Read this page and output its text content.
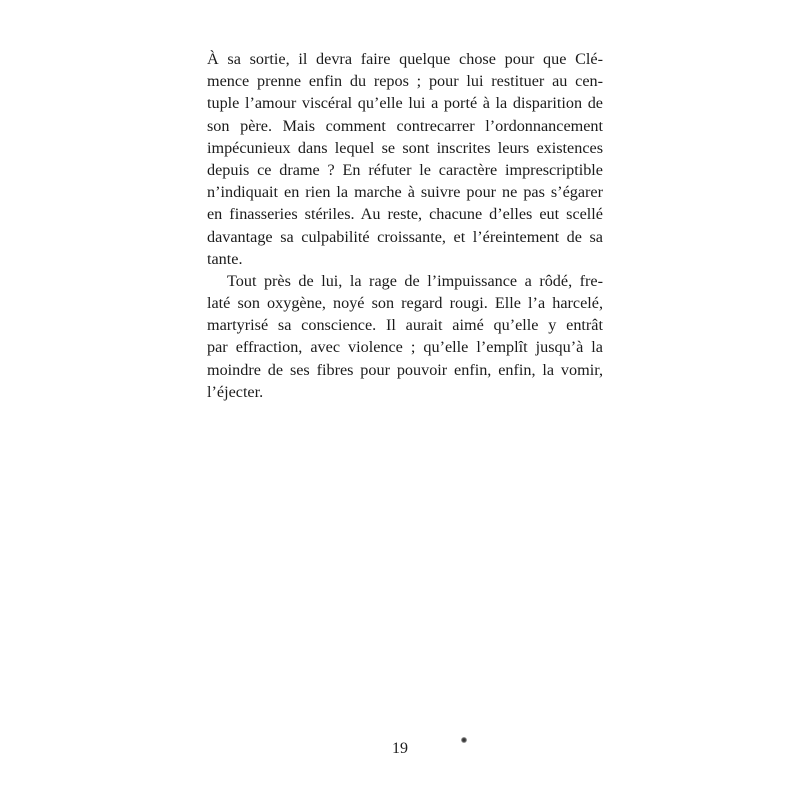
À sa sortie, il devra faire quelque chose pour que Clé-
mence prenne enfin du repos ; pour lui restituer au cen-
tuple l’amour viscéral qu’elle lui a porté à la disparition de
son père. Mais comment contrecarrer l’ordonnancement
impécunieux dans lequel se sont inscrites leurs existences
depuis ce drame ? En réfuter le caractère imprescriptible
n’indiquait en rien la marche à suivre pour ne pas s’égarer
en finasseries stériles. Au reste, chacune d’elles eut scellé
davantage sa culpabilité croissante, et l’éreintement de sa
tante.
Tout près de lui, la rage de l’impuissance a rôdé, fre-
laté son oxygène, noyé son regard rougi. Elle l’a harcelé,
martyrisé sa conscience. Il aurait aimé qu’elle y entrât
par effraction, avec violence ; qu’elle l’emplît jusqu’à la
moindre de ses fibres pour pouvoir enfin, enfin, la vomir,
l’éjecter.
19
